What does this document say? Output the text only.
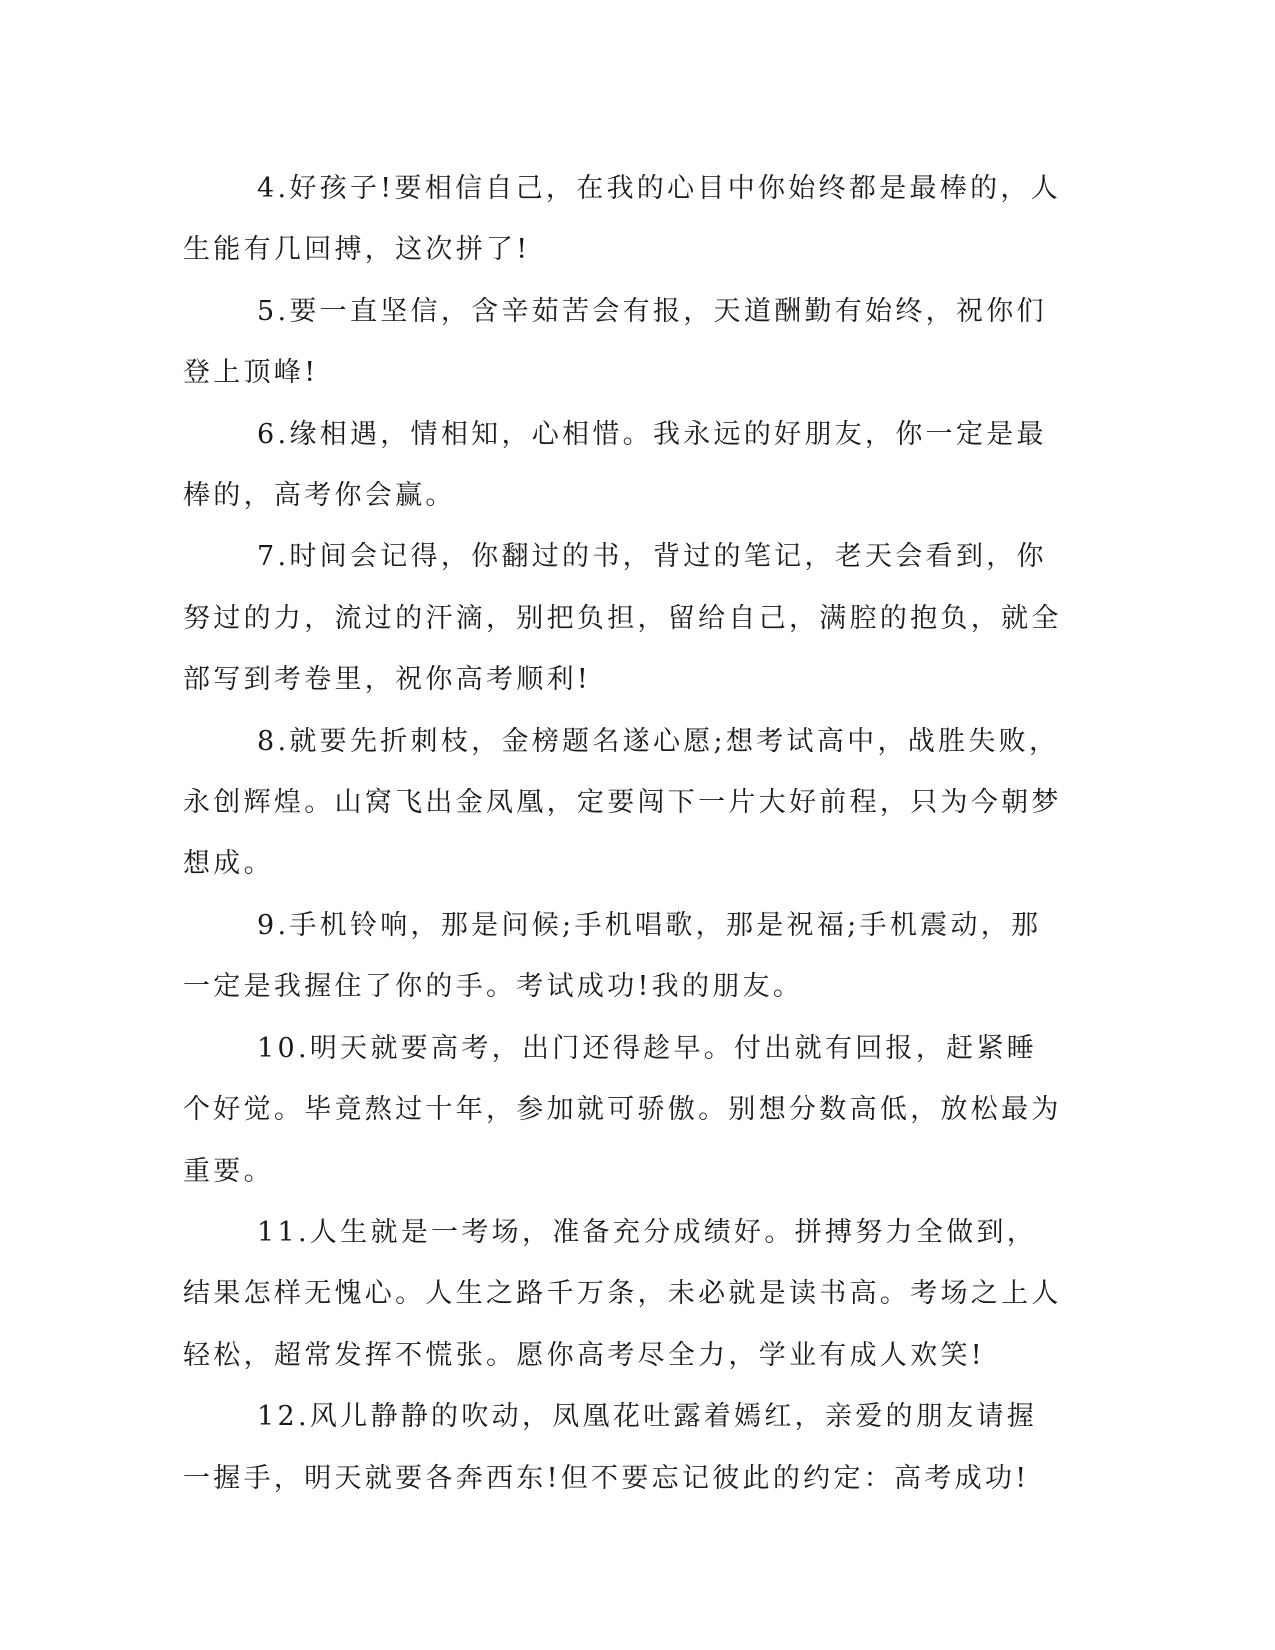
4.好孩子!要相信自己，在我的心目中你始终都是最棒的，人生能有几回搏，这次拼了!

5.要一直坚信，含辛茹苦会有报，天道酬勤有始终，祝你们登上顶峰!

6.缘相遇，情相知，心相惜。我永远的好朋友，你一定是最棒的，高考你会赢。

7.时间会记得，你翻过的书，背过的笔记，老天会看到，你努过的力，流过的汗滴，别把负担，留给自己，满腔的抱负，就全部写到考卷里，祝你高考顺利!

8.就要先折刺枝，金榜题名遂心愿;想考试高中，战胜失败，永创辉煌。山窝飞出金凤凰，定要闯下一片大好前程，只为今朝梦想成。

9.手机铃响，那是问候;手机唱歌，那是祝福;手机震动，那一定是我握住了你的手。考试成功!我的朋友。

10.明天就要高考，出门还得趁早。付出就有回报，赶紧睡个好觉。毕竟熬过十年，参加就可骄傲。别想分数高低，放松最为重要。

11.人生就是一考场，准备充分成绩好。拼搏努力全做到，结果怎样无愧心。人生之路千万条，未必就是读书高。考场之上人轻松，超常发挥不慌张。愿你高考尽全力，学业有成人欢笑!

12.风儿静静的吹动，凤凰花吐露着嫣红，亲爱的朋友请握一握手，明天就要各奔西东!但不要忘记彼此的约定：高考成功!
